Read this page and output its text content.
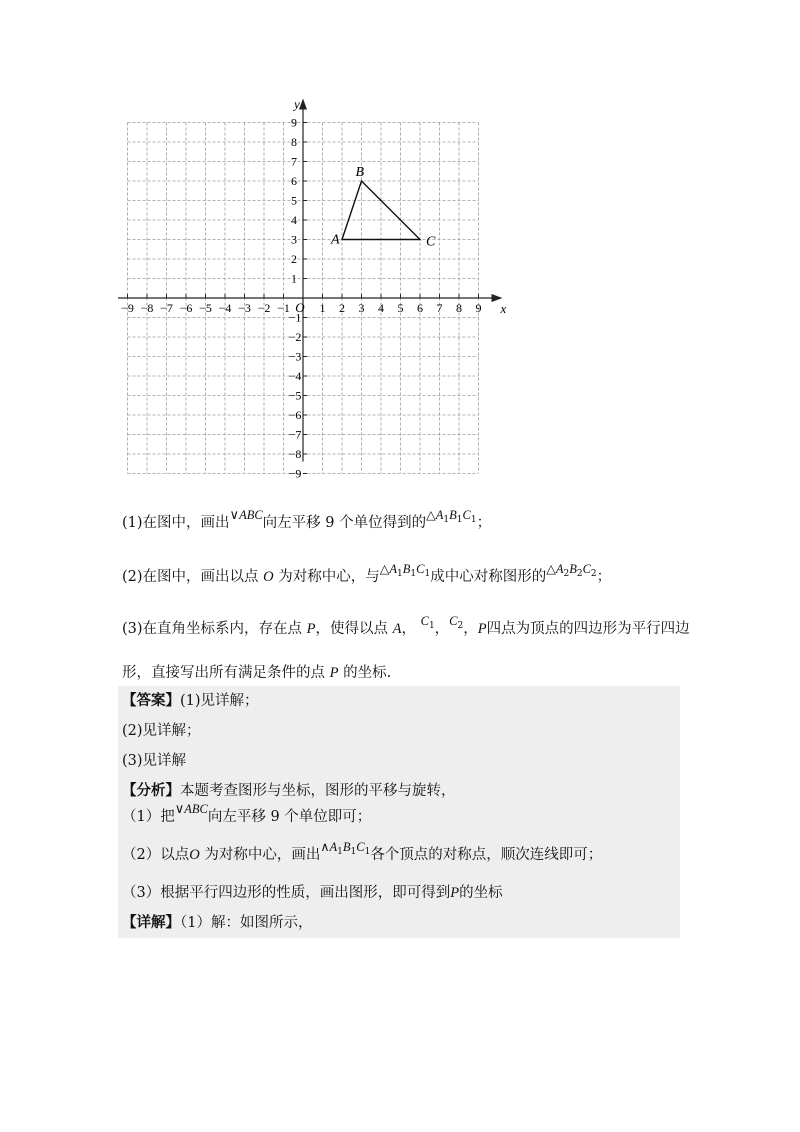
−9 −8 −7 −6 −5 −4 −3 −2 −1 1 2 3 4 5 6 7 8 9
1
2
3
4
5
6
7
8
9
−1
−2
−3
−4
−5
−6
−7
−8
−9
x
y
O
A
B
C
(1)在图中，画出∨ABC向左平移 9 个单位得到的$\triangle A_1B_1C_1$；
(2)在图中，画出以点 O 为对称中心，与$\triangle A_1B_1C_1$成中心对称图形的$\triangle A_2B_2C_2$；
(3)在直角坐标系内，存在点 P，使得以点 A， $C_1$，$C_2$，P四点为顶点的四边形为平行四边
形，直接写出所有满足条件的点 P 的坐标.
【答案】(1)见详解；
(2)见详解；
(3)见详解
【分析】本题考查图形与坐标，图形的平移与旋转，
（1）把∨ABC向左平移 9 个单位即可；
（2）以点O 为对称中心，画出$\wedge A_1B_1C_1$各个顶点的对称点，顺次连线即可；
（3）根据平行四边形的性质，画出图形，即可得到P的坐标
【详解】（1）解：如图所示，
